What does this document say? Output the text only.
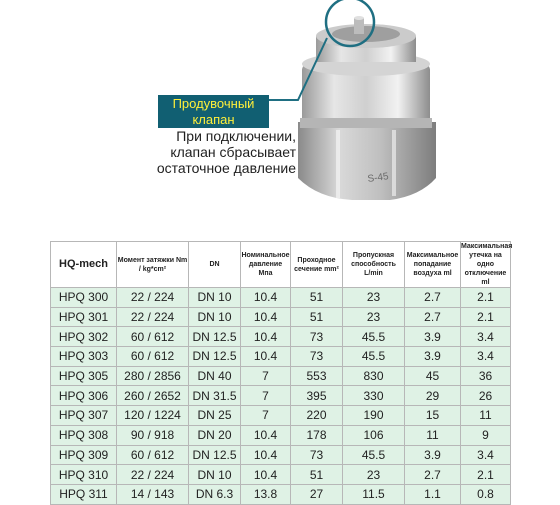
S-45
Продувочный
клапан
При подключении,
клапан сбрасывает
остаточное давление
HQ-mech	Момент затяжки Nm / kg*cm²	DN	Номинальное давление Mпа	Проходное сечение mm²	Пропускная способность L/min	Максимальное попадание воздуха ml	Максимальная утечка на одно отключение ml
HPQ 300	22 / 224	DN 10	10.4	51	23	2.7	2.1
HPQ 301	22 / 224	DN 10	10.4	51	23	2.7	2.1
HPQ 302	60 / 612	DN 12.5	10.4	73	45.5	3.9	3.4
HPQ 303	60 / 612	DN 12.5	10.4	73	45.5	3.9	3.4
HPQ 305	280 / 2856	DN 40	7	553	830	45	36
HPQ 306	260 / 2652	DN 31.5	7	395	330	29	26
HPQ 307	120 / 1224	DN 25	7	220	190	15	11
HPQ 308	90 / 918	DN 20	10.4	178	106	11	9
HPQ 309	60 / 612	DN 12.5	10.4	73	45.5	3.9	3.4
HPQ 310	22 / 224	DN 10	10.4	51	23	2.7	2.1
HPQ 311	14 / 143	DN 6.3	13.8	27	11.5	1.1	0.8
